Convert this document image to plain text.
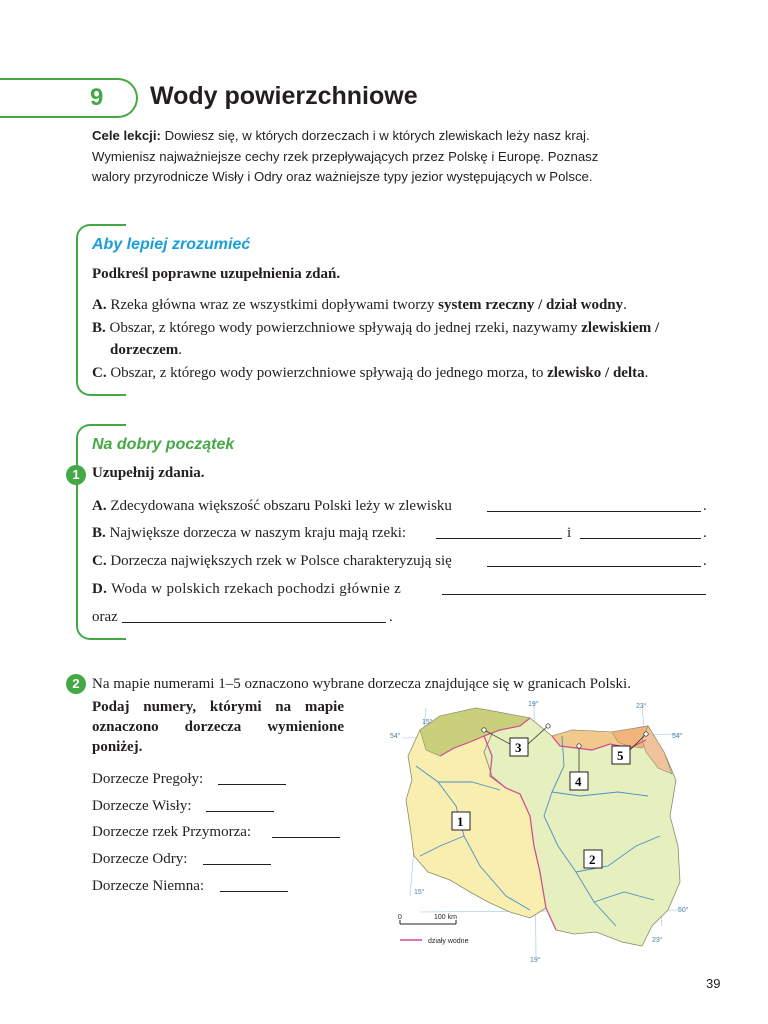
9 Wody powierzchniowe
Cele lekcji: Dowiesz się, w których dorzeczach i w których zlewiskach leży nasz kraj. Wymienisz najważniejsze cechy rzek przepływających przez Polskę i Europę. Poznasz walory przyrodnicze Wisły i Odry oraz ważniejsze typy jezior występujących w Polsce.
Aby lepiej zrozumieć
Podkreśl poprawne uzupełnienia zdań.
A. Rzeka główna wraz ze wszystkimi dopływami tworzy system rzeczny / dział wodny.
B. Obszar, z którego wody powierzchniowe spływają do jednej rzeki, nazywamy zlewiskiem /
dorzeczem.
C. Obszar, z którego wody powierzchniowe spływają do jednego morza, to zlewisko / delta.
Na dobry początek
1 Uzupełnij zdania.
A. Zdecydowana większość obszaru Polski leży w zlewisku	.
B. Największe dorzecza w naszym kraju mają rzeki:	i	.
C. Dorzecza największych rzek w Polsce charakteryzują się	.
D. Woda w polskich rzekach pochodzi głównie z
oraz	.
2 Na mapie numerami 1–5 oznaczono wybrane dorzecza znajdujące się w granicach Polski.
Podaj numery, którymi na mapie oznaczono dorzecza wymienione poniżej.
Dorzecze Pregoły:
Dorzecze Wisły:
Dorzecze rzek Przymorza:
Dorzecze Odry:
Dorzecze Niemna:
1
2
3
4
5
54°	54°
50°
15°
19°	23°
15°
19°
23°
0	100 km
działy wodne
39
